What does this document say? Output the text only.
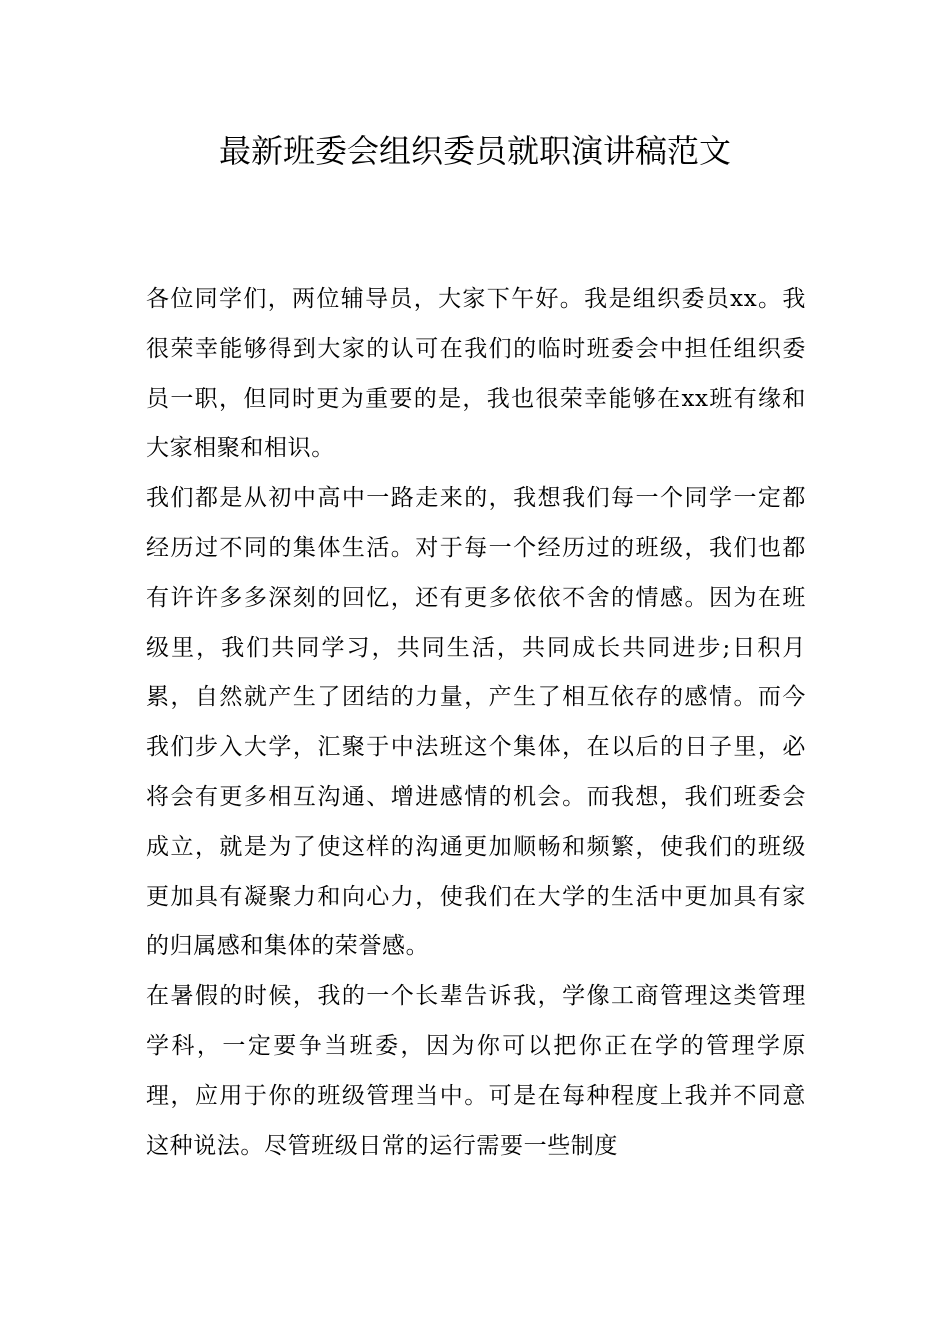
最新班委会组织委员就职演讲稿范文

各位同学们，两位辅导员，大家下午好。我是组织委员xx。我很荣幸能够得到大家的认可在我们的临时班委会中担任组织委员一职，但同时更为重要的是，我也很荣幸能够在xx班有缘和大家相聚和相识。

我们都是从初中高中一路走来的，我想我们每一个同学一定都经历过不同的集体生活。对于每一个经历过的班级，我们也都有许许多多深刻的回忆，还有更多依依不舍的情感。因为在班级里，我们共同学习，共同生活，共同成长共同进步;日积月累，自然就产生了团结的力量，产生了相互依存的感情。而今我们步入大学，汇聚于中法班这个集体，在以后的日子里，必将会有更多相互沟通、增进感情的机会。而我想，我们班委会成立，就是为了使这样的沟通更加顺畅和频繁，使我们的班级更加具有凝聚力和向心力，使我们在大学的生活中更加具有家的归属感和集体的荣誉感。

在暑假的时候，我的一个长辈告诉我，学像工商管理这类管理学科，一定要争当班委，因为你可以把你正在学的管理学原理，应用于你的班级管理当中。可是在每种程度上我并不同意这种说法。尽管班级日常的运行需要一些制度
